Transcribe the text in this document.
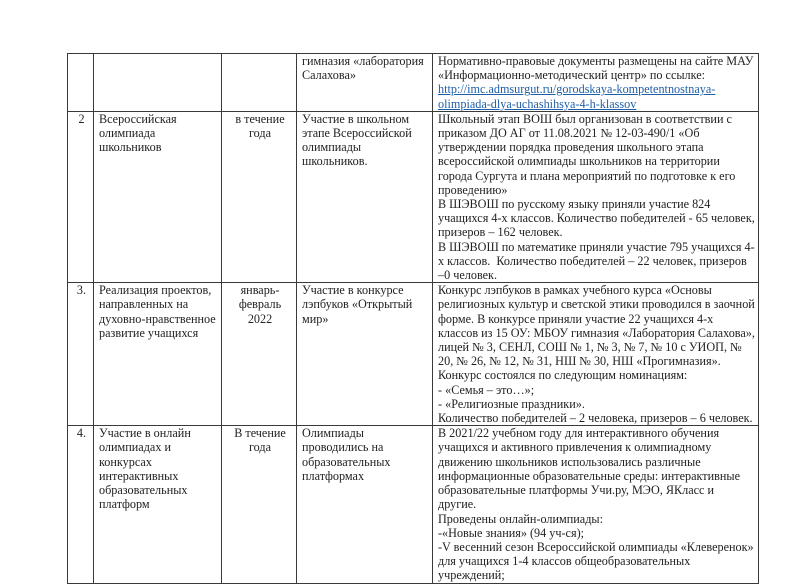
			гимназия «лаборатория Салахова»	Нормативно-правовые документы размещены на сайте МАУ
«Информационно-методический центр» по ссылке:
http://imc.admsurgut.ru/gorodskaya-kompetentnostnaya-olimpiada-dlya-uchashihsya-4-h-klassov

2	Всероссийская олимпиада школьников	в течение года	Участие в школьном этапе Всероссийской олимпиады школьников.	Школьный этап ВОШ был организован в соответствии с приказом ДО АГ от 11.08.2021 № 12-03-490/1 «Об утверждении порядка проведения школьного этапа всероссийской олимпиады школьников на территории города Сургута и плана мероприятий по подготовке к его проведению»
В ШЭВОШ по русскому языку приняли участие 824 учащихся 4-х классов. Количество победителей - 65 человек, призеров – 162 человек.
В ШЭВОШ по математике приняли участие 795 учащихся 4-х классов.  Количество победителей – 22 человек, призеров –0 человек.

3.	Реализация проектов, направленных на духовно-нравственное развитие учащихся	январь-февраль 2022	Участие в конкурсе лэпбуков «Открытый мир»	Конкурс лэпбуков в рамках учебного курса «Основы религиозных культур и светской этики проводился в заочной форме. В конкурсе приняли участие 22 учащихся 4-х классов из 15 ОУ: МБОУ гимназия «Лаборатория Салахова», лицей № 3, СЕНЛ, СОШ № 1, № 3, № 7, № 10 с УИОП, № 20, № 26, № 12, № 31, НШ № 30, НШ «Прогимназия».
Конкурс состоялся по следующим номинациям:
- «Семья – это…»;
- «Религиозные праздники».
Количество победителей – 2 человека, призеров – 6 человек.

4.	Участие в онлайн олимпиадах и конкурсах интерактивных образовательных платформ	В течение года	Олимпиады проводились на образовательных платформах	В 2021/22 учебном году для интерактивного обучения учащихся и активного привлечения к олимпиадному движению школьников использовались различные информационные образовательные среды: интерактивные образовательные платформы Учи.ру, МЭО, ЯКласс и другие.
Проведены онлайн-олимпиады:
-«Новые знания» (94 уч-ся);
-V весенний сезон Всероссийской олимпиады «Клеверенок» для учащихся 1-4 классов общеобразовательных учреждений;
